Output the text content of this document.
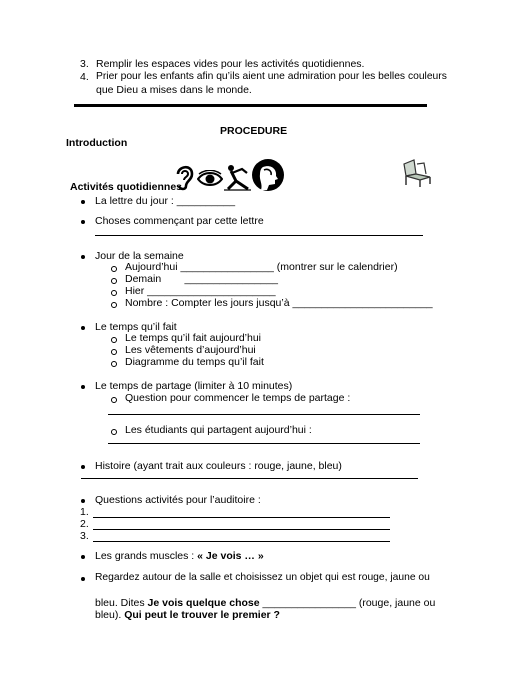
3. Remplir les espaces vides pour les activités quotidiennes.
4. Prier pour les enfants afin qu’ils aient une admiration pour les belles couleurs
que Dieu a mises dans le monde.
PROCEDURE
Introduction
Activités quotidiennes
La lettre du jour : __________
Choses commençant par cette lettre
Jour de la semaine
Aujourd’hui ________________ (montrer sur le calendrier)
Demain        ________________
Hier ______________________
Nombre : Compter les jours jusqu’à ________________________
Le temps qu’il fait
Le temps qu’il fait aujourd’hui
Les vêtements d’aujourd’hui
Diagramme du temps qu’il fait
Le temps de partage (limiter à 10 minutes)
Question pour commencer le temps de partage :
Les étudiants qui partagent aujourd’hui :
Histoire (ayant trait aux couleurs : rouge, jaune, bleu)
Questions activités pour l’auditoire :
1.
2.
3.
Les grands muscles : « Je vois … »
Regardez autour de la salle et choisissez un objet qui est rouge, jaune ou

bleu. Dites Je vois quelque chose ________________ (rouge, jaune ou

bleu). Qui peut le trouver le premier ?
